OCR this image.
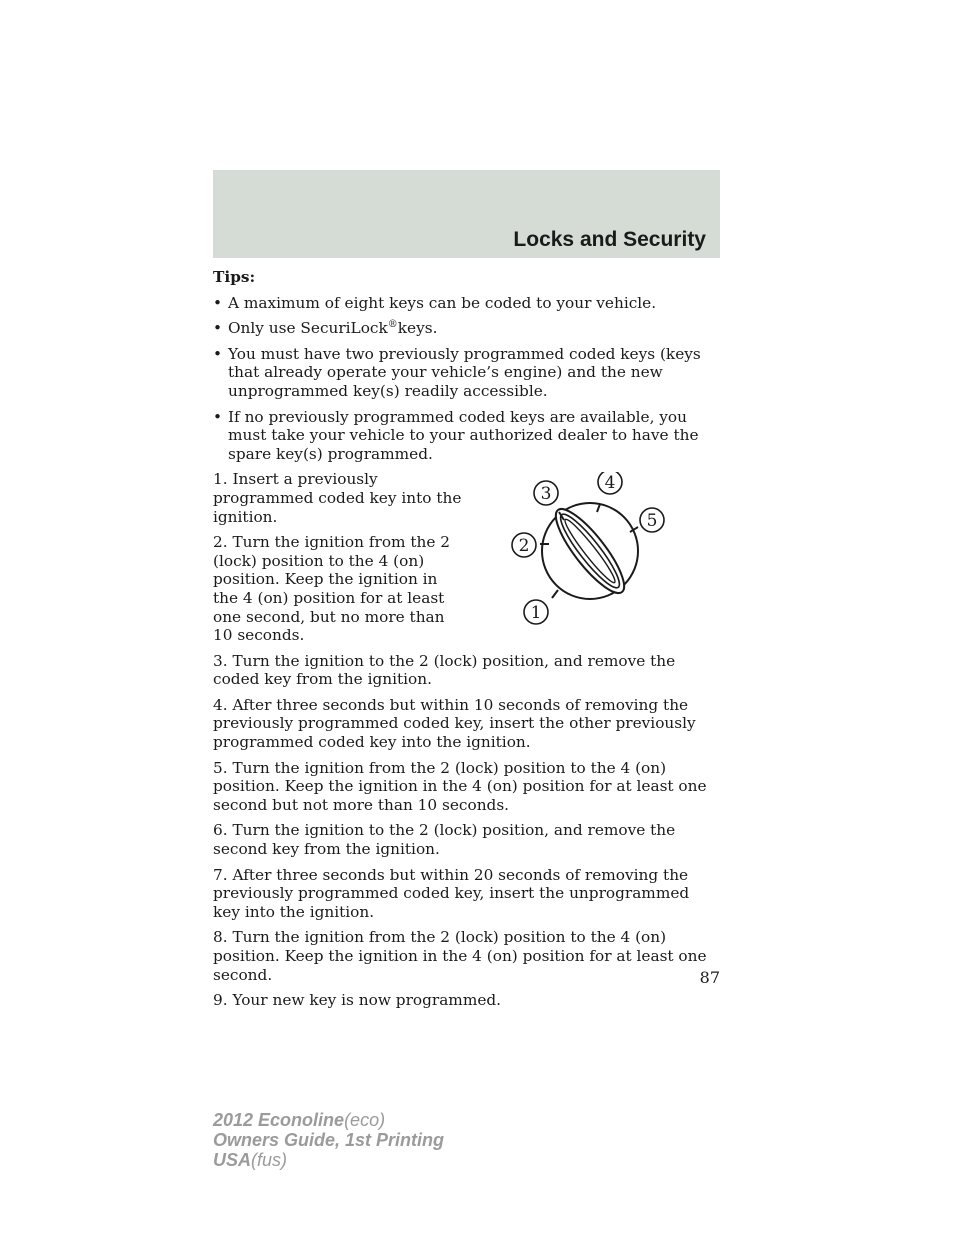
Locks and Security
Tips:
• A maximum of eight keys can be coded to your vehicle.
• Only use SecuriLock®keys.
• You must have two previously programmed coded keys (keys that already operate your vehicle’s engine) and the new unprogrammed key(s) readily accessible.
• If no previously programmed coded keys are available, you must take your vehicle to your authorized dealer to have the spare key(s) programmed.
1
2
3
4
5

1. Insert a previously programmed coded key into the ignition.

2. Turn the ignition from the 2 (lock) position to the 4 (on) position. Keep the ignition in the 4 (on) position for at least one second, but no more than 10 seconds.

3. Turn the ignition to the 2 (lock) position, and remove the coded key from the ignition.

4. After three seconds but within 10 seconds of removing the previously programmed coded key, insert the other previously programmed coded key into the ignition.

5. Turn the ignition from the 2 (lock) position to the 4 (on) position. Keep the ignition in the 4 (on) position for at least one second but not more than 10 seconds.

6. Turn the ignition to the 2 (lock) position, and remove the second key from the ignition.

7. After three seconds but within 20 seconds of removing the previously programmed coded key, insert the unprogrammed key into the ignition.

8. Turn the ignition from the 2 (lock) position to the 4 (on) position. Keep the ignition in the 4 (on) position for at least one second.

9. Your new key is now programmed.

87
2012 Econoline(eco)
Owners Guide, 1st Printing
USA(fus)
